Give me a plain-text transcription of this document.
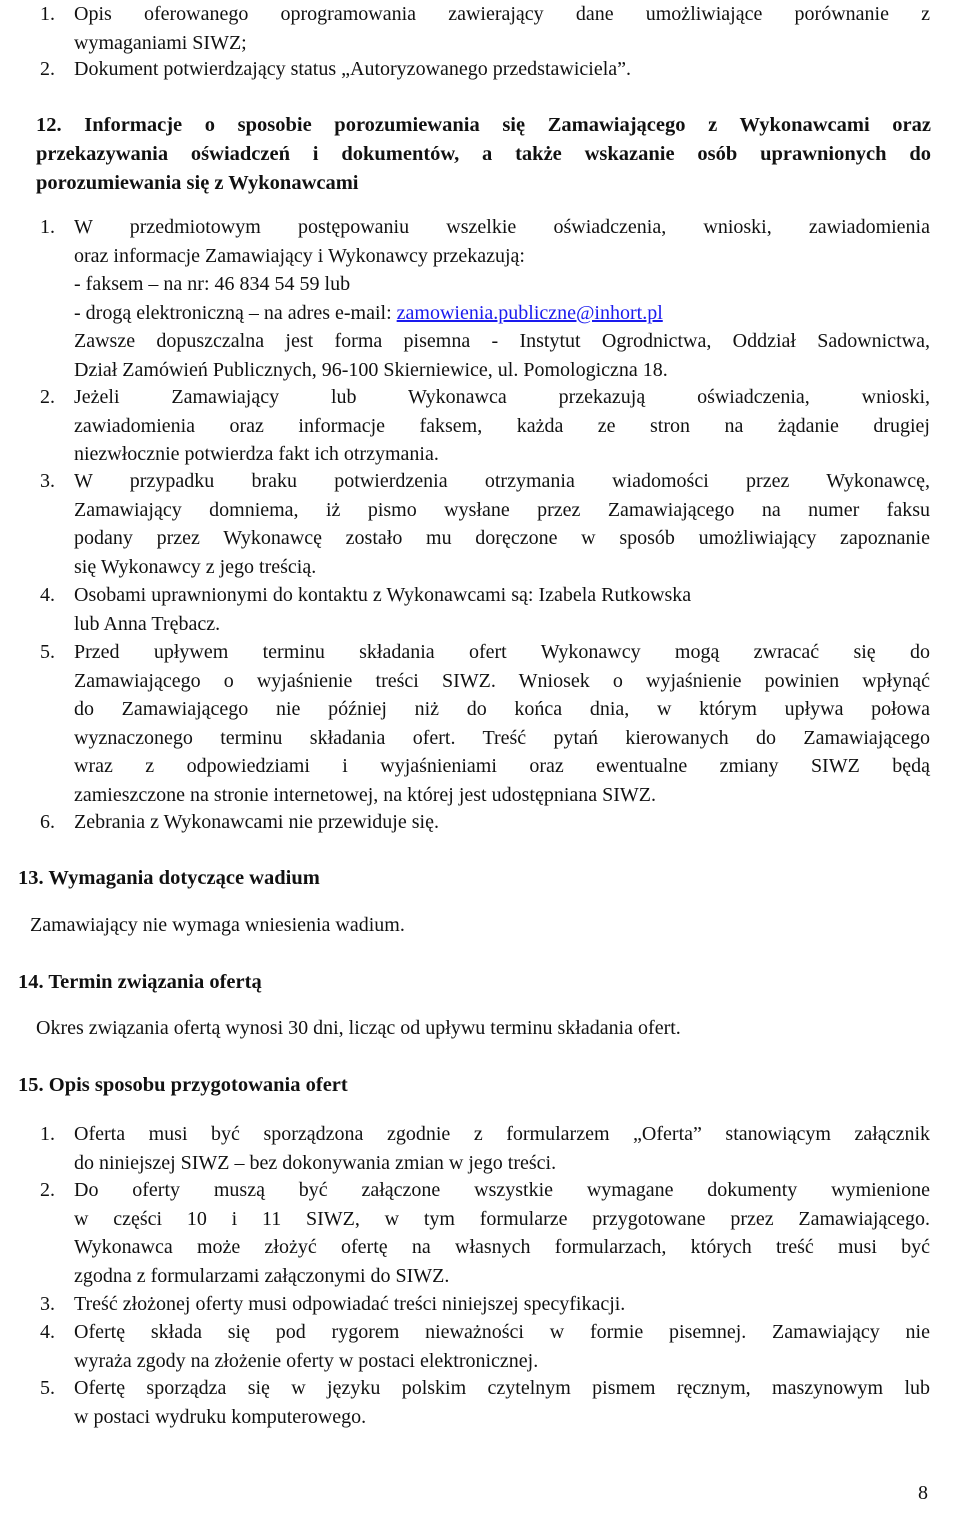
1. Opis oferowanego oprogramowania zawierający dane umożliwiające porównanie z
wymaganiami SIWZ;
2. Dokument potwierdzający status „Autoryzowanego przedstawiciela”.
12. Informacje o sposobie porozumiewania się Zamawiającego z Wykonawcami oraz
przekazywania oświadczeń i dokumentów, a także wskazanie osób uprawnionych do
porozumiewania się z Wykonawcami
1. W przedmiotowym postępowaniu wszelkie oświadczenia, wnioski, zawiadomienia
oraz informacje Zamawiający i Wykonawcy przekazują:
- faksem – na nr: 46 834 54 59 lub
- drogą elektroniczną – na adres e-mail: zamowienia.publiczne@inhort.pl
Zawsze dopuszczalna jest forma pisemna - Instytut Ogrodnictwa, Oddział Sadownictwa,
Dział Zamówień Publicznych, 96-100 Skierniewice, ul. Pomologiczna 18.
2. Jeżeli Zamawiający lub Wykonawca przekazują oświadczenia, wnioski,
zawiadomienia oraz informacje faksem, każda ze stron na żądanie drugiej
niezwłocznie potwierdza fakt ich otrzymania.
3. W przypadku braku potwierdzenia otrzymania wiadomości przez Wykonawcę,
Zamawiający domniema, iż pismo wysłane przez Zamawiającego na numer faksu
podany przez Wykonawcę zostało mu doręczone w sposób umożliwiający zapoznanie
się Wykonawcy z jego treścią.
4. Osobami uprawnionymi do kontaktu z Wykonawcami są: Izabela Rutkowska
lub Anna Trębacz.
5. Przed upływem terminu składania ofert Wykonawcy mogą zwracać się do
Zamawiającego o wyjaśnienie treści SIWZ. Wniosek o wyjaśnienie powinien wpłynąć
do Zamawiającego nie później niż do końca dnia, w którym upływa połowa
wyznaczonego terminu składania ofert. Treść pytań kierowanych do Zamawiającego
wraz z odpowiedziami i wyjaśnieniami oraz ewentualne zmiany SIWZ będą
zamieszczone na stronie internetowej, na której jest udostępniana SIWZ.
6. Zebrania z Wykonawcami nie przewiduje się.
13. Wymagania dotyczące wadium
Zamawiający nie wymaga wniesienia wadium.
14. Termin związania ofertą
Okres związania ofertą wynosi 30 dni, licząc od upływu terminu składania ofert.
15. Opis sposobu przygotowania ofert
1. Oferta musi być sporządzona zgodnie z formularzem „Oferta” stanowiącym załącznik
do niniejszej SIWZ – bez dokonywania zmian w jego treści.
2. Do oferty muszą być załączone wszystkie wymagane dokumenty wymienione
w części 10 i 11 SIWZ, w tym formularze przygotowane przez Zamawiającego.
Wykonawca może złożyć ofertę na własnych formularzach, których treść musi być
zgodna z formularzami załączonymi do SIWZ.
3. Treść złożonej oferty musi odpowiadać treści niniejszej specyfikacji.
4. Ofertę składa się pod rygorem nieważności w formie pisemnej. Zamawiający nie
wyraża zgody na złożenie oferty w postaci elektronicznej.
5. Ofertę sporządza się w języku polskim czytelnym pismem ręcznym, maszynowym lub
w postaci wydruku komputerowego.
8
